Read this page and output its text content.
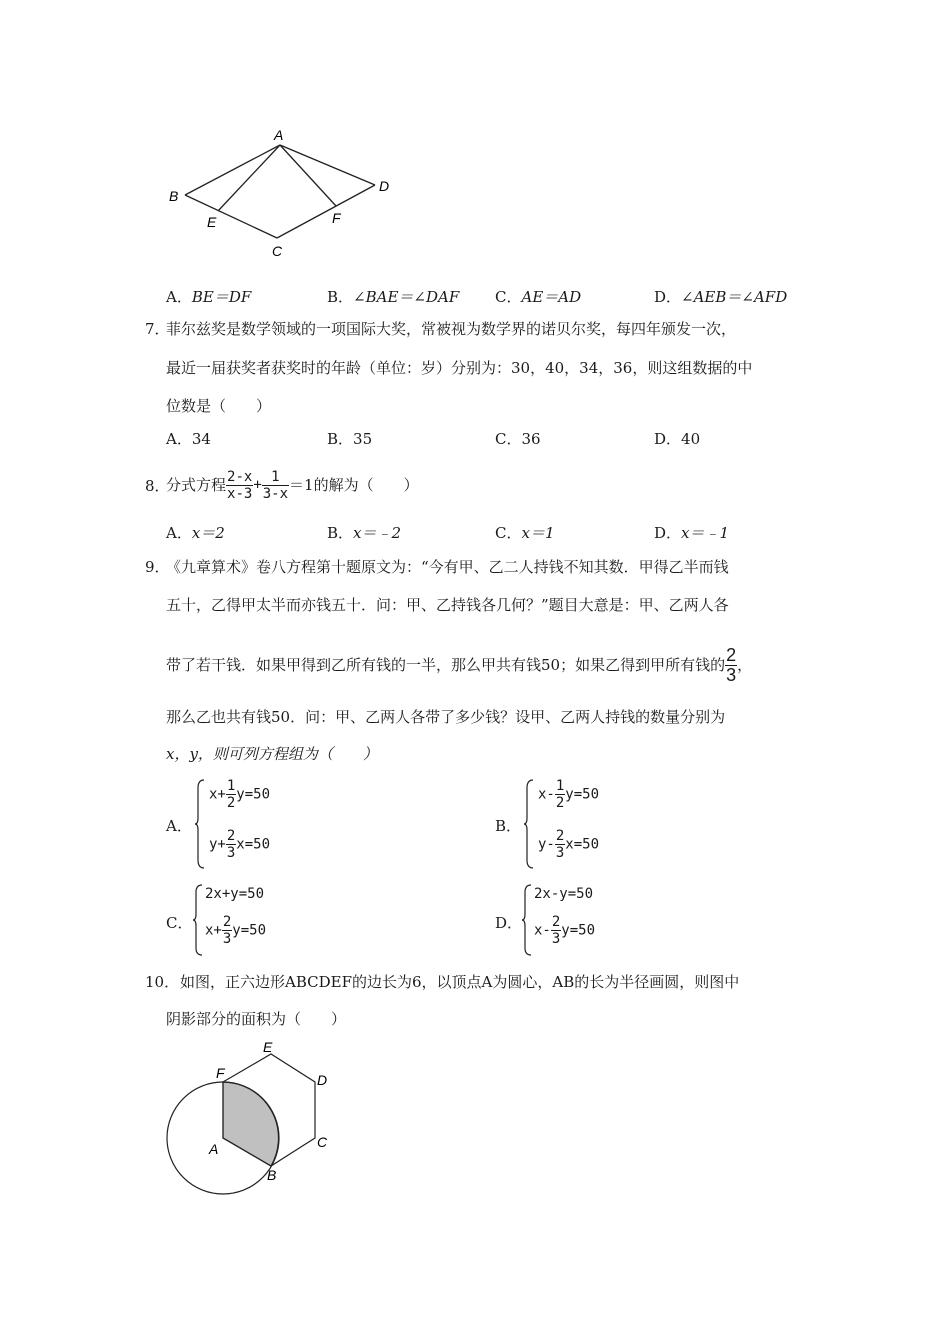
A
B
C
D
E	F
A．BE＝DF	B．∠BAE＝∠DAF C．AE＝AD	D．∠AEB＝∠AFD
7．
菲尔兹奖是数学领域的一项国际大奖，常被视为数学界的诺贝尔奖，每四年颁发一次，
最近一届获奖者获奖时的年龄（单位：岁）分别为：30，40，34，36，则这组数据的中
位数是（　　）
A．34	B．35	C．36	D．40
8．
分式方程 $\frac{2-x}{x-3} + \frac{1}{3-x} =1$的解为（　　）
A．x＝2	B．x＝﹣2	C．x＝1	D．x＝﹣1
9．
《九章算术》卷八方程第十题原文为：“今有甲、乙二人持钱不知其数．甲得乙半而钱
五十，乙得甲太半而亦钱五十．问：甲、乙持钱各几何？”题目大意是：甲、乙两人各
带了若干钱．如果甲得到乙所有钱的一半，那么甲共有钱50；如果乙得到甲所有钱的 $\frac{2}{3}$ ，
那么乙也共有钱50．问：甲、乙两人各带了多少钱？设甲、乙两人持钱的数量分别为
x，y，则可列方程组为（　　）
A．
$x+ \frac{1}{2} y=50$
$y+ \frac{2}{3} x=50$
B．
$x- \frac{1}{2} y=50$
$y- \frac{2}{3} x=50$
C．
2x+y=50
$x+ \frac{2}{3} y=50$	D．
2x-y=50
$x- \frac{2}{3} y=50$
10． 如图，正六边形ABCDEF的边长为6，以顶点A为圆心，AB的长为半径画圆，则图中
阴影部分的面积为（　　）
A
B
C
D
E
F
